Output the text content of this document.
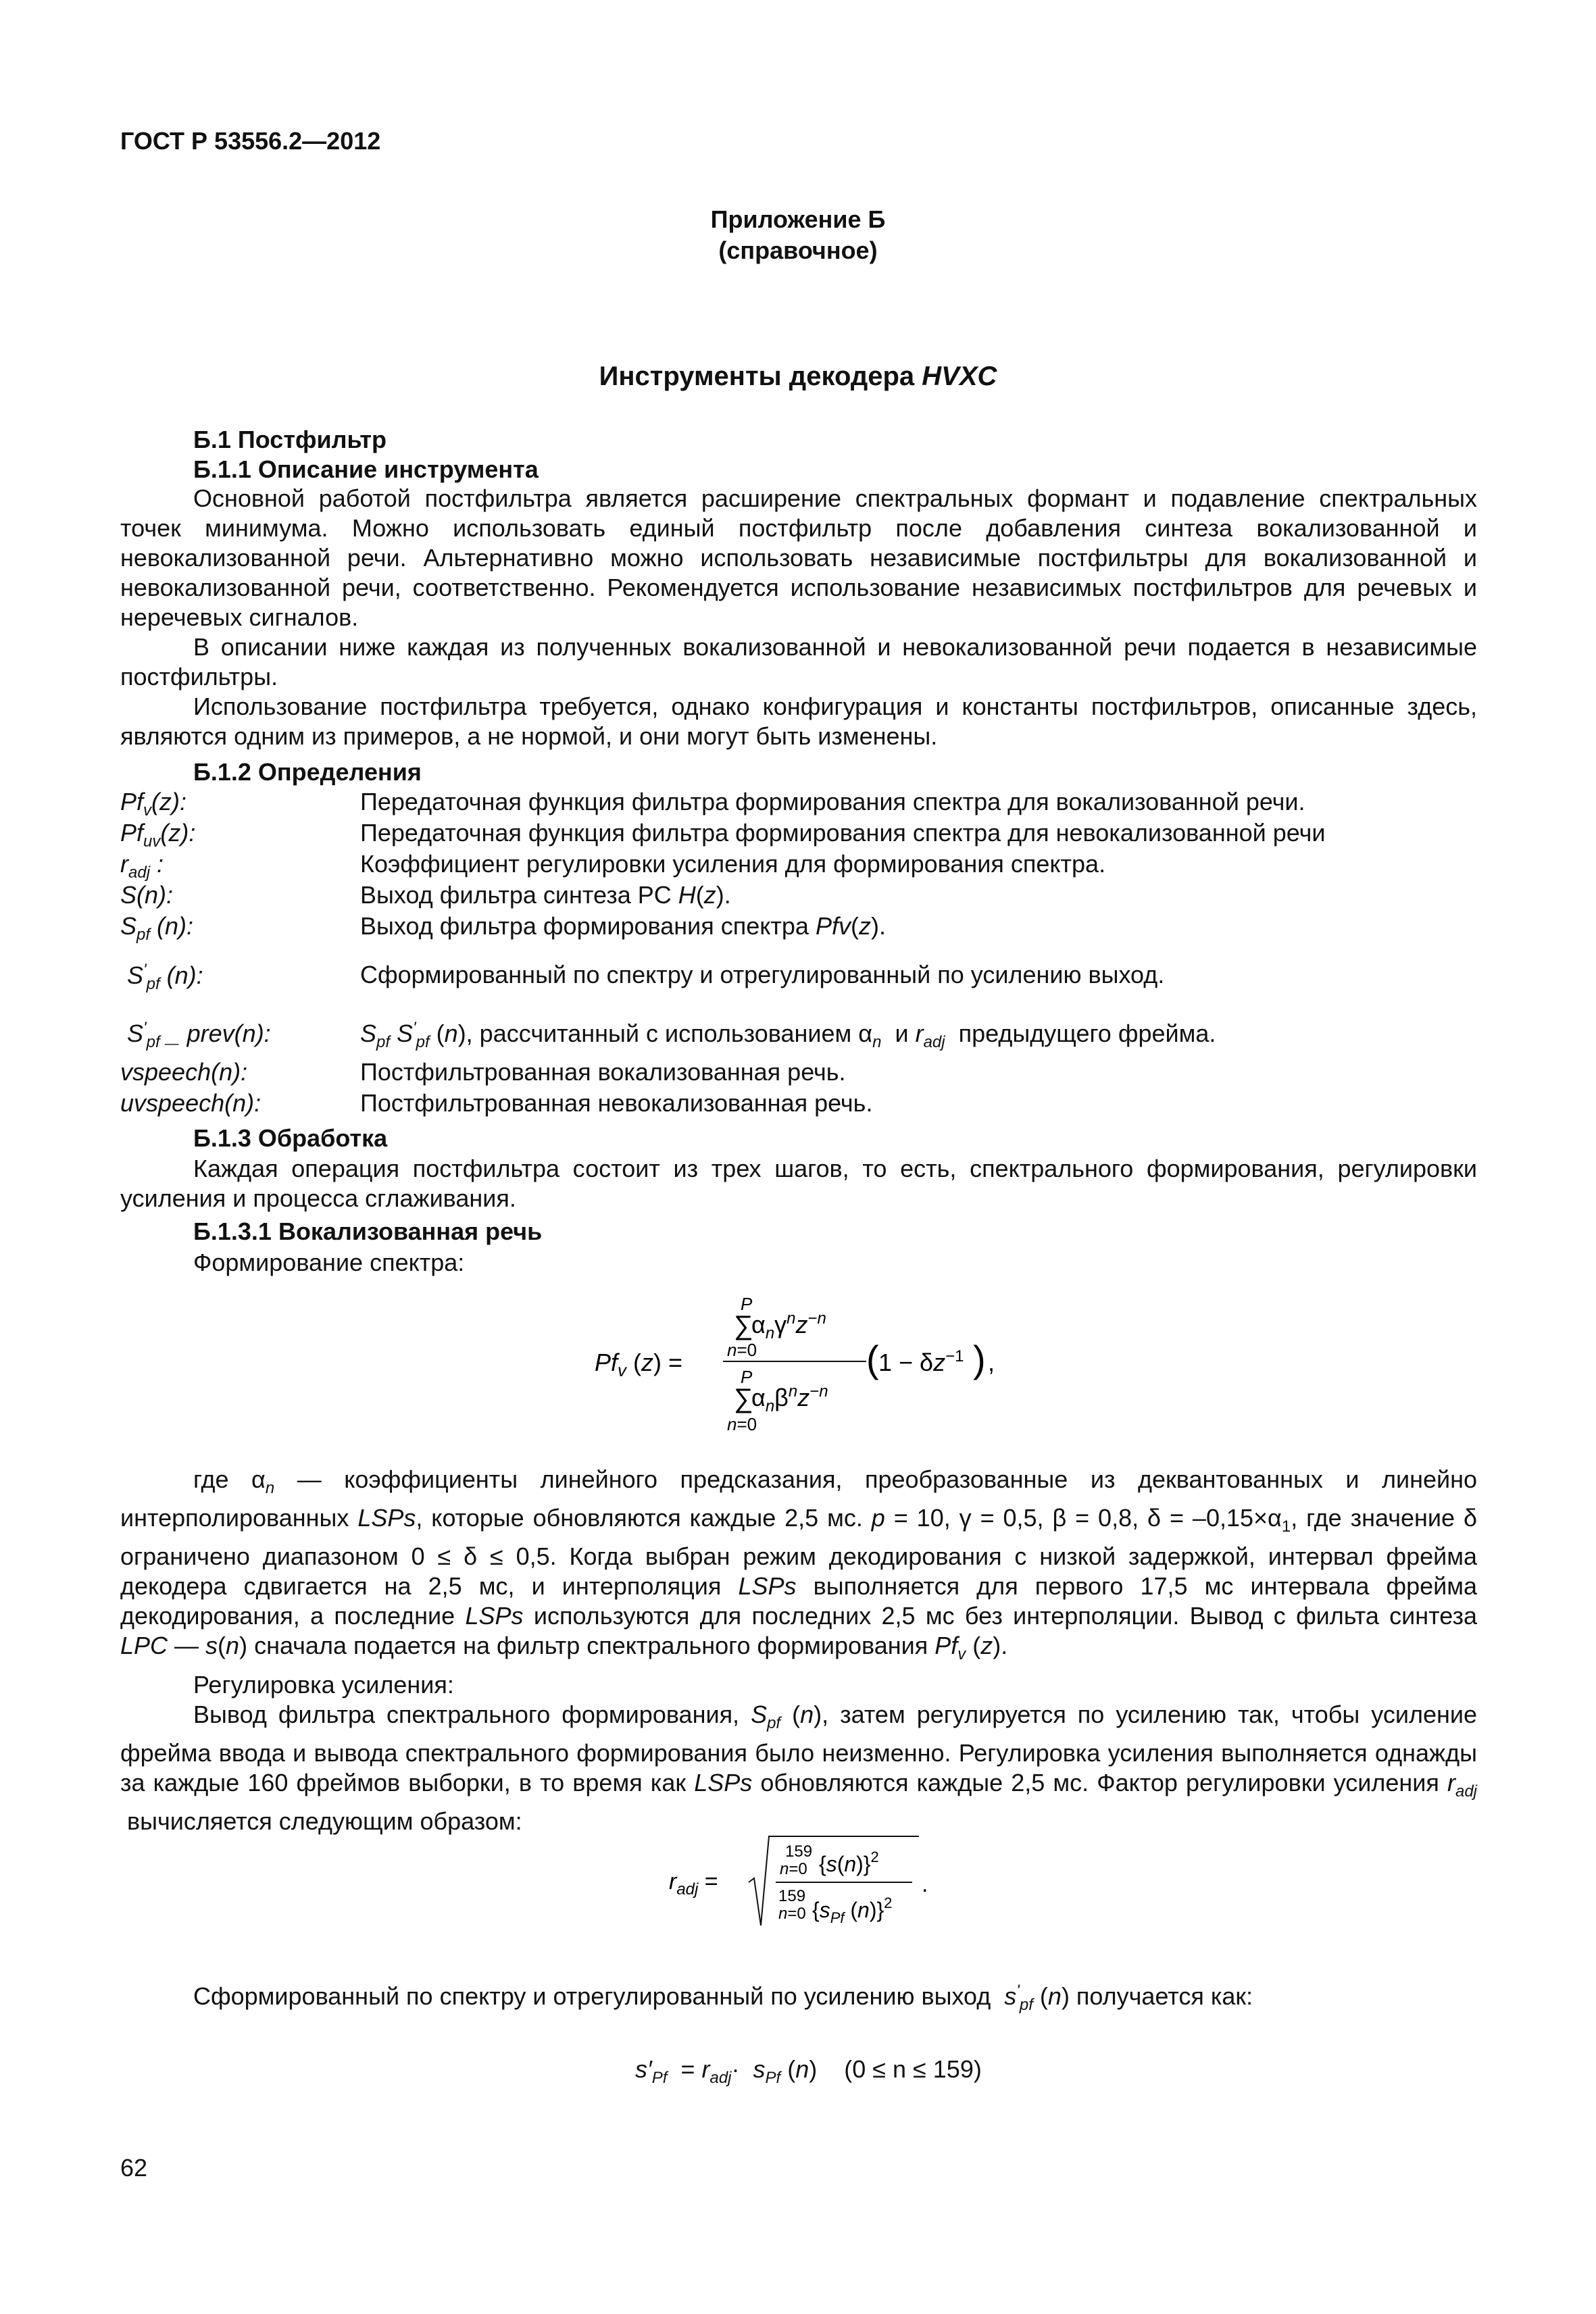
ГОСТ Р 53556.2—2012
Приложение Б
(справочное)
Инструменты декодера HVXC
Б.1 Постфильтр
Б.1.1 Описание инструмента

Основной работой постфильтра является расширение спектральных формант и подавление спектральных точек минимума. Можно использовать единый постфильтр после добавления синтеза вокализованной и невокализованной речи. Альтернативно можно использовать независимые постфильтры для вокализованной и невокализованной речи, соответственно. Рекомендуется использование независимых постфильтров для речевых и неречевых сигналов.

В описании ниже каждая из полученных вокализованной и невокализованной речи подается в независимые постфильтры.

Использование постфильтра требуется, однако конфигурация и константы постфильтров, описанные здесь, являются одним из примеров, а не нормой, и они могут быть изменены.

Б.1.2 Определения
$Pf_v(z)$:	Передаточная функция фильтра формирования спектра для вокализованной речи.
$Pf_{uv}(z)$:	Передаточная функция фильтра формирования спектра для невокализованной речи
$r_{adj}$ :	Коэффициент регулировки усиления для формирования спектра.
S(n):	Выход фильтра синтеза PC H(z).
$S_{pf}$ (n):	Выход фильтра формирования спектра Pfv(z).
$S'_{pf}$ (n):	Сформированный по спектру и отрегулированный по усилению выход.
$S'_{pf}$ _ prev(n):	$S_{pf}$ $S'_{pf}$ (n), рассчитанный с использованием $\alpha_n$  и $r_{adj}$  предыдущего фрейма.
vspeech(n):	Постфильтрованная вокализованная речь.
uvspeech(n):	Постфильтрованная невокализованная речь.
Б.1.3 Обработка

Каждая операция постфильтра состоит из трех шагов, то есть, спектрального формирования, регулировки усиления и процесса сглаживания.

Б.1.3.1 Вокализованная речь
Формирование спектра:
P
∑
$\alpha_n\gamma^nz^-n$
n=0
$Pf_v$ (z) =
P
∑
$\alpha_n\beta^nz^-n$
n=0
( $1 - \delta z^{-1}$ ) ,

где $\alpha_n$ — коэффициенты линейного предсказания, преобразованные из деквантованных и линейно интерполированных LSPs, которые обновляются каждые 2,5 мс. p = 10, γ = 0,5, β = 0,8, $\delta = -0,15\times\alpha_1$, где значение δ ограничено диапазоном 0 ≤ δ ≤ 0,5. Когда выбран режим декодирования с низкой задержкой, интервал фрейма декодера сдвигается на 2,5 мс, и интерполяция LSPs выполняется для первого 17,5 мс интервала фрейма декодирования, а последние LSPs используются для последних 2,5 мс без интерполяции. Вывод с фильта синтеза LPC — s(n) сначала подается на фильтр спектрального формирования $Pf_v$ (z).

Регулировка усиления:

Вывод фильтра спектрального формирования, $S_{pf}$ (n), затем регулируется по усилению так, чтобы усиление фрейма ввода и вывода спектрального формирования было неизменно. Регулировка усиления выполняется однажды за каждые 160 фреймов выборки, в то время как LSPs обновляются каждые 2,5 мс. Фактор регулировки усиления $r_{adj}$  вычисляется следующим образом:

$r_{adj}$ =
159
n=0 $\{s(n)\}^2$
159
n=0 {$s_{Pf}$ (n)}$^2$
.
Сформированный по спектру и отрегулированный по усилению выход  $s'_{pf}$ (n) получается как:
$s'_{Pf} = r_{adj}\cdot s_{Pf}$ (n)    (0 ≤ n ≤ 159)
62
